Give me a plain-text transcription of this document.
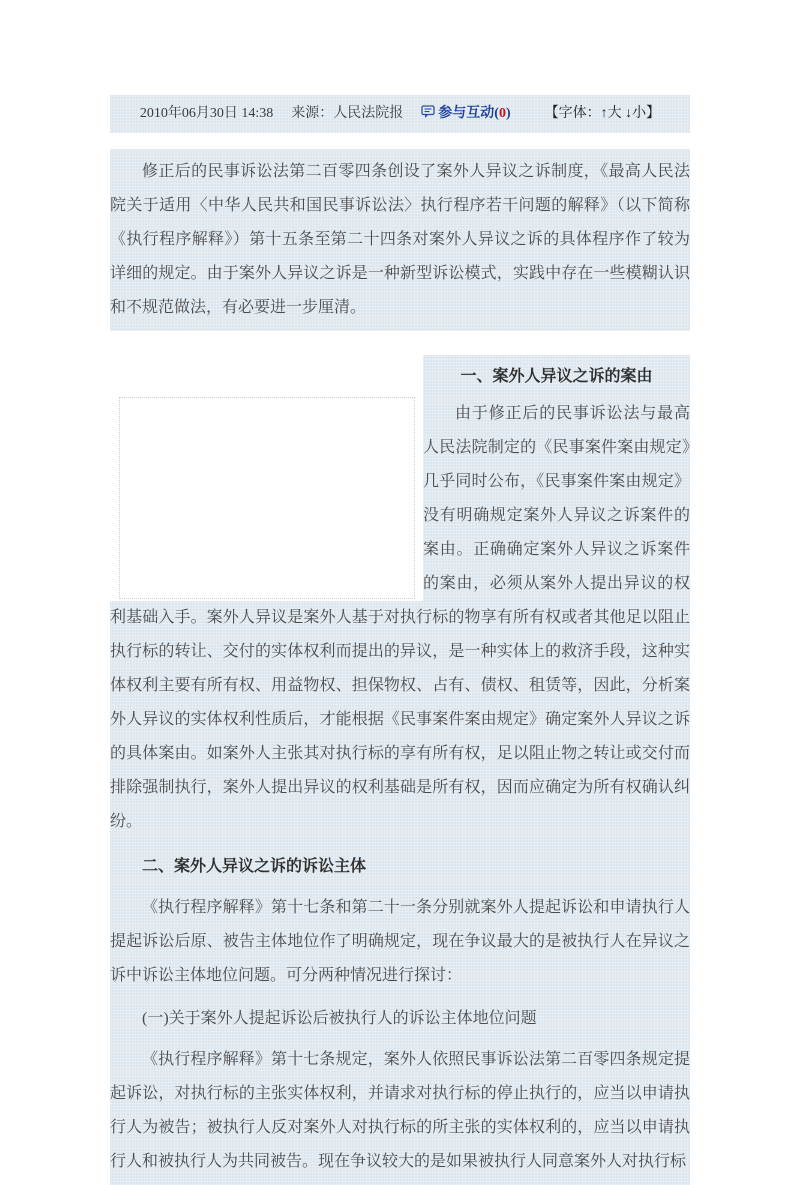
2010年06月30日 14:38 来源：人民法院报	参与互动(0) 【字体：↑大 ↓小】

修正后的民事诉讼法第二百零四条创设了案外人异议之诉制度，《最高人民法院关于适用〈中华人民共和国民事诉讼法〉执行程序若干问题的解释》（以下简称《执行程序解释》）第十五条至第二十四条对案外人异议之诉的具体程序作了较为详细的规定。由于案外人异议之诉是一种新型诉讼模式，实践中存在一些模糊认识和不规范做法，有必要进一步厘清。

一、案外人异议之诉的案由

由于修正后的民事诉讼法与最高人民法院制定的《民事案件案由规定》几乎同时公布，《民事案件案由规定》没有明确规定案外人异议之诉案件的案由。正确确定案外人异议之诉案件的案由，必须从案外人提出异议的权利基础入手。案外人异议是案外人基于对执行标的物享有所有权或者其他足以阻止执行标的转让、交付的实体权利而提出的异议，是一种实体上的救济手段，这种实体权利主要有所有权、用益物权、担保物权、占有、债权、租赁等，因此，分析案外人异议的实体权利性质后，才能根据《民事案件案由规定》确定案外人异议之诉的具体案由。如案外人主张其对执行标的享有所有权，足以阻止物之转让或交付而排除强制执行，案外人提出异议的权利基础是所有权，因而应确定为所有权确认纠纷。

二、案外人异议之诉的诉讼主体

《执行程序解释》第十七条和第二十一条分别就案外人提起诉讼和申请执行人提起诉讼后原、被告主体地位作了明确规定，现在争议最大的是被执行人在异议之诉中诉讼主体地位问题。可分两种情况进行探讨：

(一)关于案外人提起诉讼后被执行人的诉讼主体地位问题

《执行程序解释》第十七条规定，案外人依照民事诉讼法第二百零四条规定提起诉讼，对执行标的主张实体权利，并请求对执行标的停止执行的，应当以申请执行人为被告；被执行人反对案外人对执行标的所主张的实体权利的，应当以申请执行人和被执行人为共同被告。现在争议较大的是如果被执行人同意案外人对执行标
